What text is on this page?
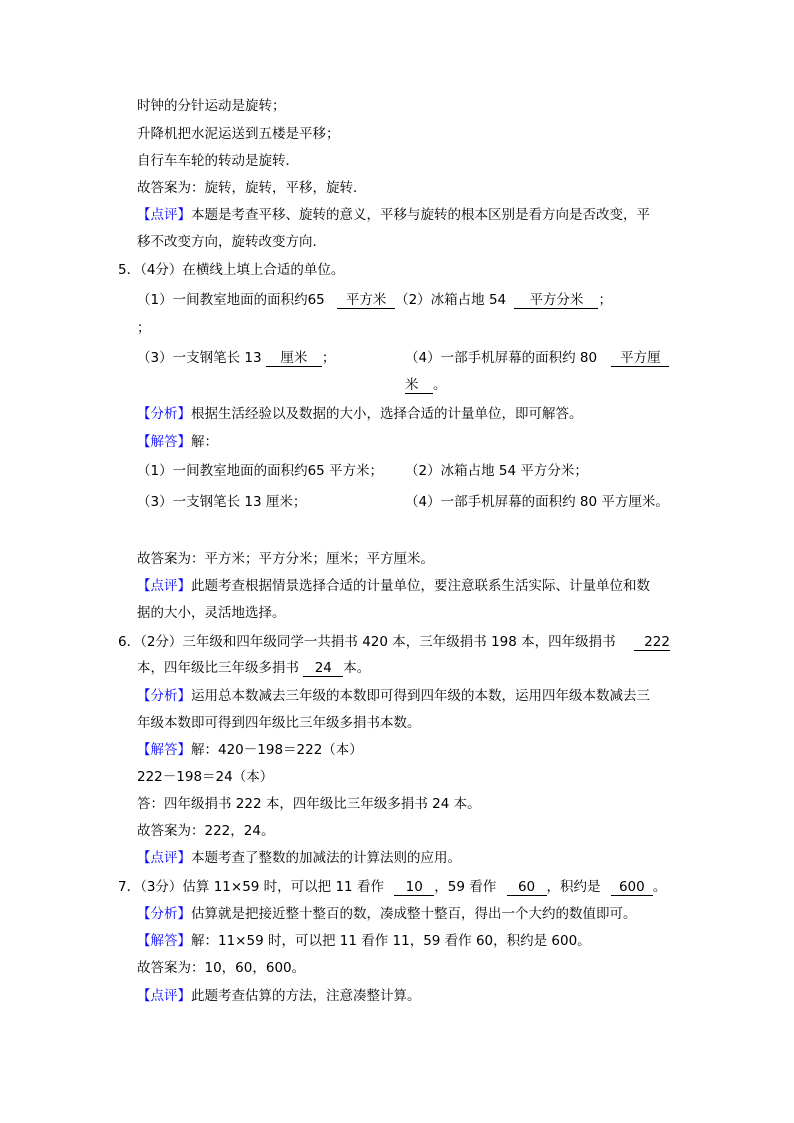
时钟的分针运动是旋转；
升降机把水泥运送到五楼是平移；
自行车车轮的转动是旋转．
故答案为：旋转，旋转，平移，旋转．
【点评】本题是考查平移、旋转的意义，平移与旋转的根本区别是看方向是否改变，平
移不改变方向，旋转改变方向．
5．（4分）在横线上填上合适的单位。
（1）一间教室地面的面积约65 平方米 （2）冰箱占地 54 平方分米 ；
；
（3）一支钢笔长 13 厘米 ；	（4）一部手机屏幕的面积约 80 平方厘
米 。
【分析】根据生活经验以及数据的大小，选择合适的计量单位，即可解答。
【解答】解：
（1）一间教室地面的面积约65 平方米； （2）冰箱占地 54 平方分米；
（3）一支钢笔长 13 厘米；	（4）一部手机屏幕的面积约 80 平方厘米。
故答案为：平方米；平方分米；厘米；平方厘米。
【点评】此题考查根据情景选择合适的计量单位，要注意联系生活实际、计量单位和数
据的大小，灵活地选择。
6．（2分）三年级和四年级同学一共捐书 420 本，三年级捐书 198 本，四年级捐书 222
本，四年级比三年级多捐书 24 本。
【分析】运用总本数减去三年级的本数即可得到四年级的本数，运用四年级本数减去三
年级本数即可得到四年级比三年级多捐书本数。
【解答】解：420－198＝222（本）
222－198＝24（本）
答：四年级捐书 222 本，四年级比三年级多捐书 24 本。
故答案为：222，24。
【点评】本题考查了整数的加减法的计算法则的应用。
7．（3分）估算 11×59 时，可以把 11 看作 10 ，59 看作 60 ，积约是 600 。
【分析】估算就是把接近整十整百的数，凑成整十整百，得出一个大约的数值即可。
【解答】解：11×59 时，可以把 11 看作 11，59 看作 60，积约是 600。
故答案为：10，60，600。
【点评】此题考查估算的方法，注意凑整计算。
